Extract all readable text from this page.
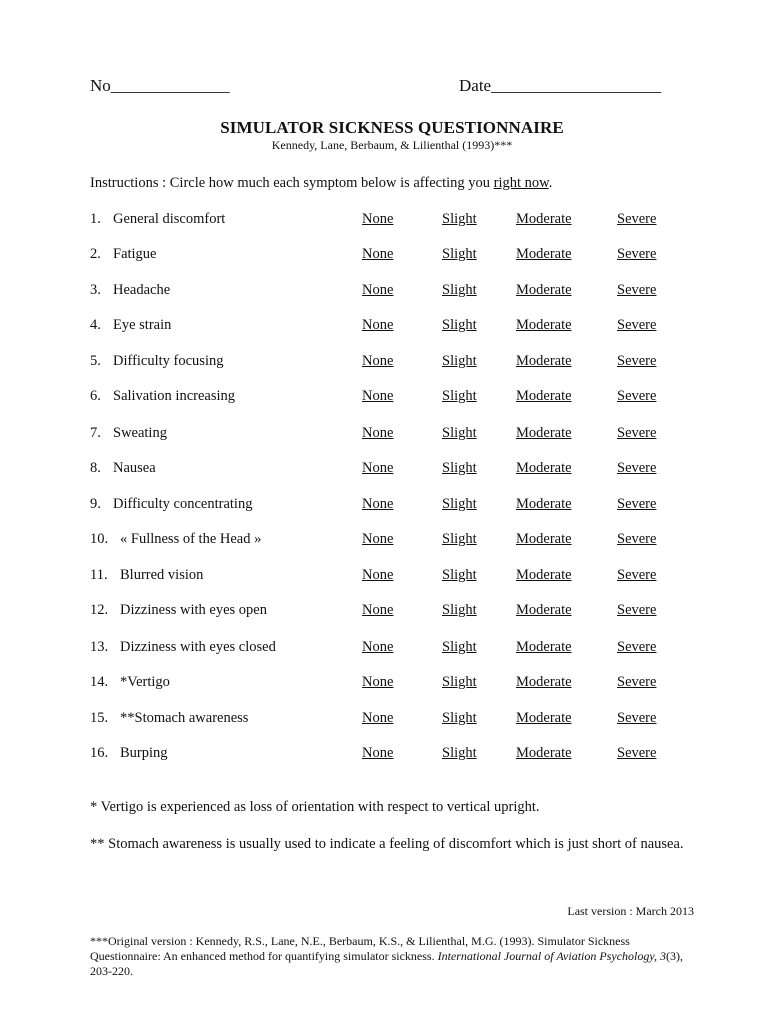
No______________	Date____________________
SIMULATOR SICKNESS QUESTIONNAIRE
Kennedy, Lane, Berbaum, & Lilienthal (1993)***
Instructions : Circle how much each symptom below is affecting you right now.
1. General discomfort	None	Slight	Moderate	Severe
2. Fatigue	None	Slight	Moderate	Severe
3. Headache	None	Slight	Moderate	Severe
4. Eye strain	None	Slight	Moderate	Severe
5. Difficulty focusing	None	Slight	Moderate	Severe
6. Salivation increasing	None	Slight	Moderate	Severe
7. Sweating	None	Slight	Moderate	Severe
8. Nausea	None	Slight	Moderate	Severe
9. Difficulty concentrating	None	Slight	Moderate	Severe
10. « Fullness of the Head »	None	Slight	Moderate	Severe
11. Blurred vision	None	Slight	Moderate	Severe
12. Dizziness with eyes open	None	Slight	Moderate	Severe
13. Dizziness with eyes closed	None	Slight	Moderate	Severe
14. *Vertigo	None	Slight	Moderate	Severe
15. **Stomach awareness	None	Slight	Moderate	Severe
16. Burping	None	Slight	Moderate	Severe
* Vertigo is experienced as loss of orientation with respect to vertical upright.
** Stomach awareness is usually used to indicate a feeling of discomfort which is just short of nausea.
Last version : March 2013
***Original version : Kennedy, R.S., Lane, N.E., Berbaum, K.S., & Lilienthal, M.G. (1993). Simulator Sickness Questionnaire: An enhanced method for quantifying simulator sickness. International Journal of Aviation Psychology, 3(3), 203-220.
